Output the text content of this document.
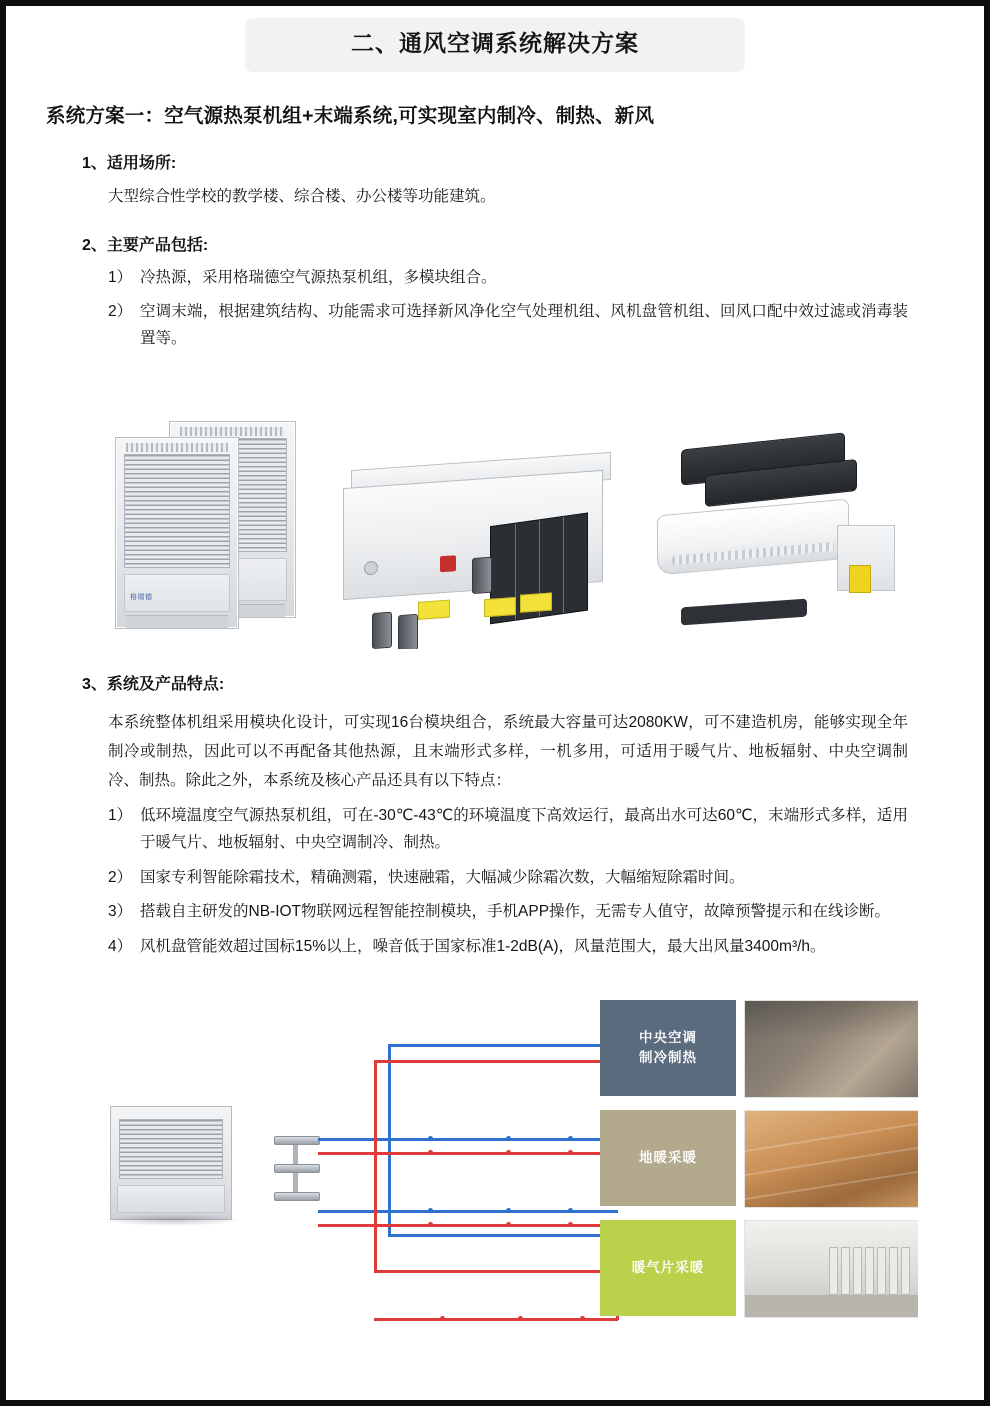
二、通风空调系统解决方案
系统方案一：空气源热泵机组+末端系统,可实现室内制冷、制热、新风
1、适用场所:

大型综合性学校的教学楼、综合楼、办公楼等功能建筑。

2、主要产品包括:
1） 冷热源，采用格瑞德空气源热泵机组，多模块组合。
2） 空调末端，根据建筑结构、功能需求可选择新风净化空气处理机组、风机盘管机组、回风口配中效过滤或消毒装置等。
格瑞德
3、系统及产品特点:

本系统整体机组采用模块化设计，可实现16台模块组合，系统最大容量可达2080KW，可不建造机房，能够实现全年制冷或制热，因此可以不再配备其他热源，且末端形式多样，一机多用，可适用于暖气片、地板辐射、中央空调制冷、制热。除此之外，本系统及核心产品还具有以下特点：

1） 低环境温度空气源热泵机组，可在-30℃-43℃的环境温度下高效运行，最高出水可达60℃，末端形式多样，适用于暖气片、地板辐射、中央空调制冷、制热。
2） 国家专利智能除霜技术，精确测霜，快速融霜，大幅减少除霜次数，大幅缩短除霜时间。
3） 搭载自主研发的NB-IOT物联网远程智能控制模块，手机APP操作，无需专人值守，故障预警提示和在线诊断。
4） 风机盘管能效超过国标15%以上，噪音低于国家标准1-2dB(A)，风量范围大，最大出风量3400m³/h。
中央空调
制冷制热
地暖采暖
暖气片采暖
